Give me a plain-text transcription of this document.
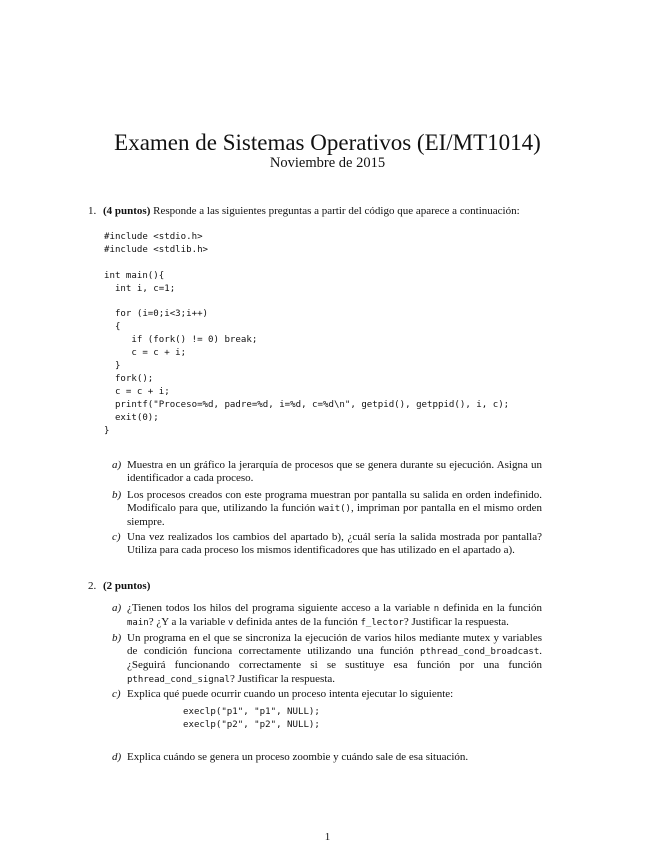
Examen de Sistemas Operativos (EI/MT1014)
Noviembre de 2015
1. (4 puntos) Responde a las siguientes preguntas a partir del código que aparece a continuación:
#include <stdio.h>
#include <stdlib.h>

int main(){
int i, c=1;

for (i=0;i<3;i++)
{
if (fork() != 0) break;
c = c + i;
}
fork();
c = c + i;
printf("Proceso=%d, padre=%d, i=%d, c=%d\n", getpid(), getppid(), i, c);
exit(0);
}
a) Muestra en un gráfico la jerarquía de procesos que se genera durante su ejecución. Asigna un identificador a cada proceso.
b) Los procesos creados con este programa muestran por pantalla su salida en orden indefinido. Modifícalo para que, utilizando la función wait(), impriman por pantalla en el mismo orden siempre.
c) Una vez realizados los cambios del apartado b), ¿cuál sería la salida mostrada por pantalla? Utiliza para cada proceso los mismos identificadores que has utilizado en el apartado a).
2. (2 puntos)
a) ¿Tienen todos los hilos del programa siguiente acceso a la variable n definida en la función main? ¿Y a la variable v definida antes de la función f_lector? Justificar la respuesta.
b) Un programa en el que se sincroniza la ejecución de varios hilos mediante mutex y variables de condición funciona correctamente utilizando una función pthread_cond_broadcast. ¿Seguirá funcionando correctamente si se sustituye esa función por una función pthread_cond_signal? Justificar la respuesta.
c) Explica qué puede ocurrir cuando un proceso intenta ejecutar lo siguiente:
execlp("p1", "p1", NULL);
execlp("p2", "p2", NULL);
d) Explica cuándo se genera un proceso zoombie y cuándo sale de esa situación.
1
